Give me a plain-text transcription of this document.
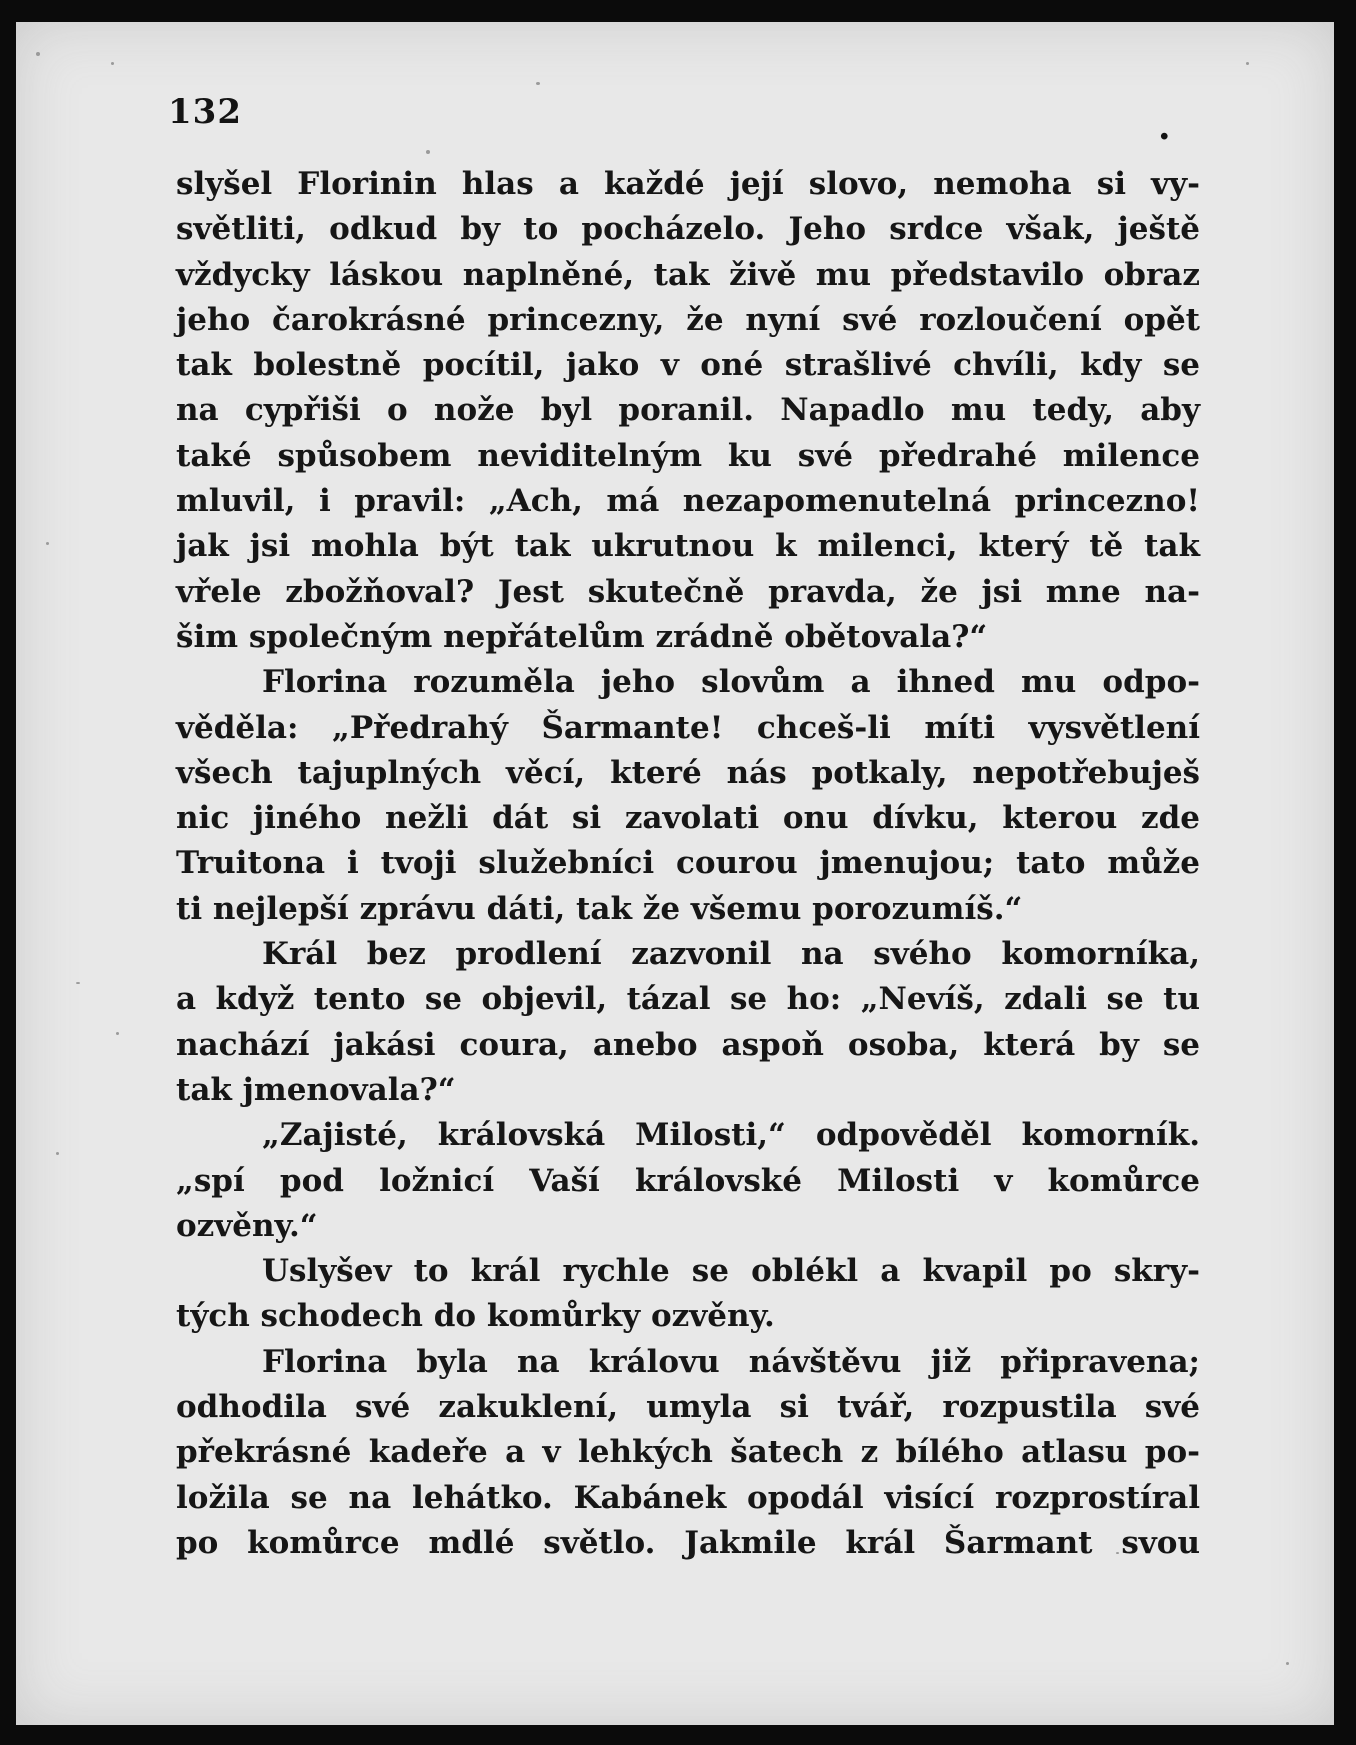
132	.
slyšel Florinin hlas a každé její slovo, nemoha si vy-
světliti, odkud by to pocházelo. Jeho srdce však, ještě
vždycky láskou naplněné, tak živě mu představilo obraz
jeho čarokrásné princezny, že nyní své rozloučení opět
tak bolestně pocítil, jako v oné strašlivé chvíli, kdy se
na cypřiši o nože byl poranil. Napadlo mu tedy, aby
také spůsobem neviditelným ku své předrahé milence
mluvil, i pravil: „Ach, má nezapomenutelná princezno!
jak jsi mohla být tak ukrutnou k milenci, který tě tak
vřele zbožňoval? Jest skutečně pravda, že jsi mne na-
šim společným nepřátelům zrádně obětovala?“
Florina rozuměla jeho slovům a ihned mu odpo-
věděla: „Předrahý Šarmante! chceš-li míti vysvětlení
všech tajuplných věcí, které nás potkaly, nepotřebuješ
nic jiného nežli dát si zavolati onu dívku, kterou zde
Truitona i tvoji služebníci courou jmenujou; tato může
ti nejlepší zprávu dáti, tak že všemu porozumíš.“
Král bez prodlení zazvonil na svého komorníka,
a když tento se objevil, tázal se ho: „Nevíš, zdali se tu
nachází jakási coura, anebo aspoň osoba, která by se
tak jmenovala?“
„Zajisté, královská Milosti,“ odpověděl komorník.
„spí pod ložnicí Vaší královské Milosti v komůrce
ozvěny.“
Uslyšev to král rychle se oblékl a kvapil po skry-
tých schodech do komůrky ozvěny.
Florina byla na královu návštěvu již připravena;
odhodila své zakuklení, umyla si tvář, rozpustila své
překrásné kadeře a v lehkých šatech z bílého atlasu po-
ložila se na lehátko. Kabánek opodál visící rozprostíral
po komůrce mdlé světlo. Jakmile král Šarmant svou
